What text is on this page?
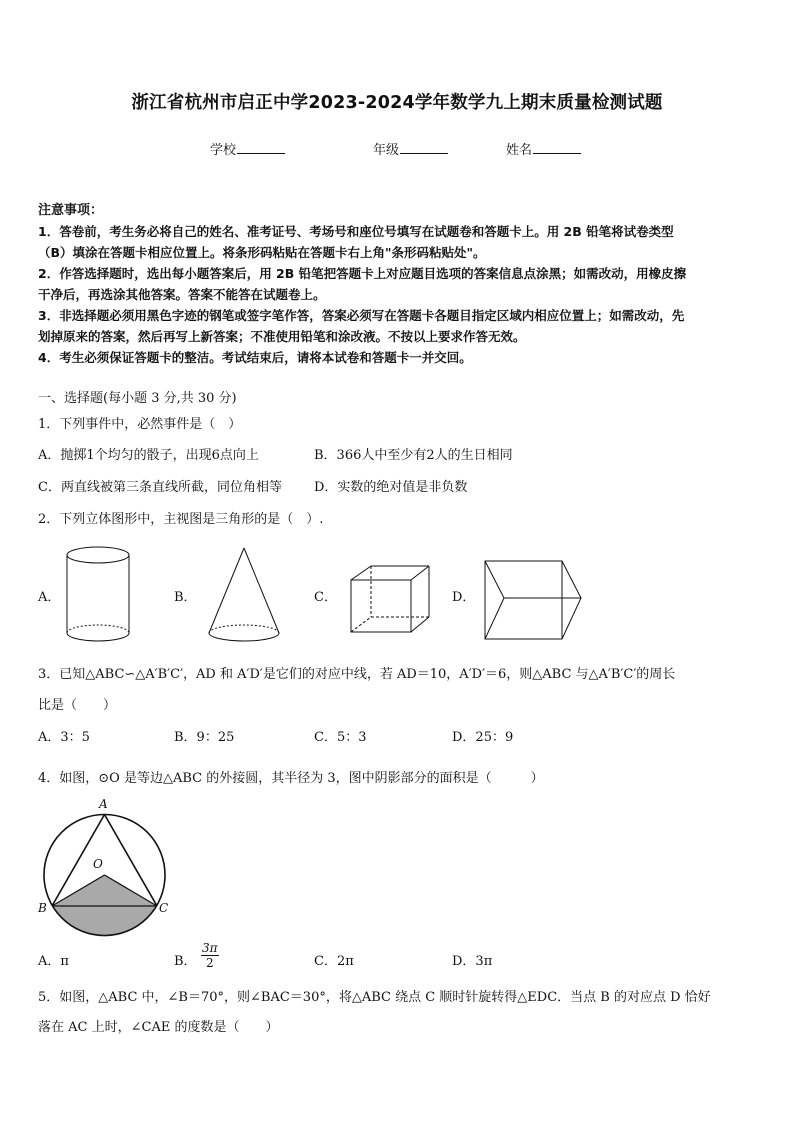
浙江省杭州市启正中学2023-2024学年数学九上期末质量检测试题
学校	年级	姓名
注意事项：
1．答卷前，考生务必将自己的姓名、准考证号、考场号和座位号填写在试题卷和答题卡上。用 2B 铅笔将试卷类型
（B）填涂在答题卡相应位置上。将条形码粘贴在答题卡右上角"条形码粘贴处"。
2．作答选择题时，选出每小题答案后，用 2B 铅笔把答题卡上对应题目选项的答案信息点涂黑；如需改动，用橡皮擦
干净后，再选涂其他答案。答案不能答在试题卷上。
3．非选择题必须用黑色字迹的钢笔或签字笔作答，答案必须写在答题卡各题目指定区域内相应位置上；如需改动，先
划掉原来的答案，然后再写上新答案；不准使用铅笔和涂改液。不按以上要求作答无效。
4．考生必须保证答题卡的整洁。考试结束后，请将本试卷和答题卡一并交回。
一、选择题(每小题 3 分,共 30 分)
1．下列事件中，必然事件是（　）
A．抛掷1个均匀的骰子，出现6点向上	B．366人中至少有2人的生日相同
C．两直线被第三条直线所截，同位角相等 D．实数的绝对值是非负数
2．下列立体图形中，主视图是三角形的是（　）.
A．	B．	C．	D．
3．已知△ABC∽△A′B′C′，AD 和 A′D′是它们的对应中线，若 AD＝10，A′D′＝6，则△ABC 与△A′B′C′的周长
比是（　　）
A．3：5	B．9：25	C．5：3	D．25：9
4．如图，⊙O 是等边△ABC 的外接圆，其半径为 3，图中阴影部分的面积是（　　　）
A
O
B	C
A．π	B． $\frac{3\pi}{2}$	C．2π	D．3π
5．如图，△ABC 中，∠B＝70°，则∠BAC＝30°，将△ABC 绕点 C 顺时针旋转得△EDC．当点 B 的对应点 D 恰好
落在 AC 上时，∠CAE 的度数是（　　）
